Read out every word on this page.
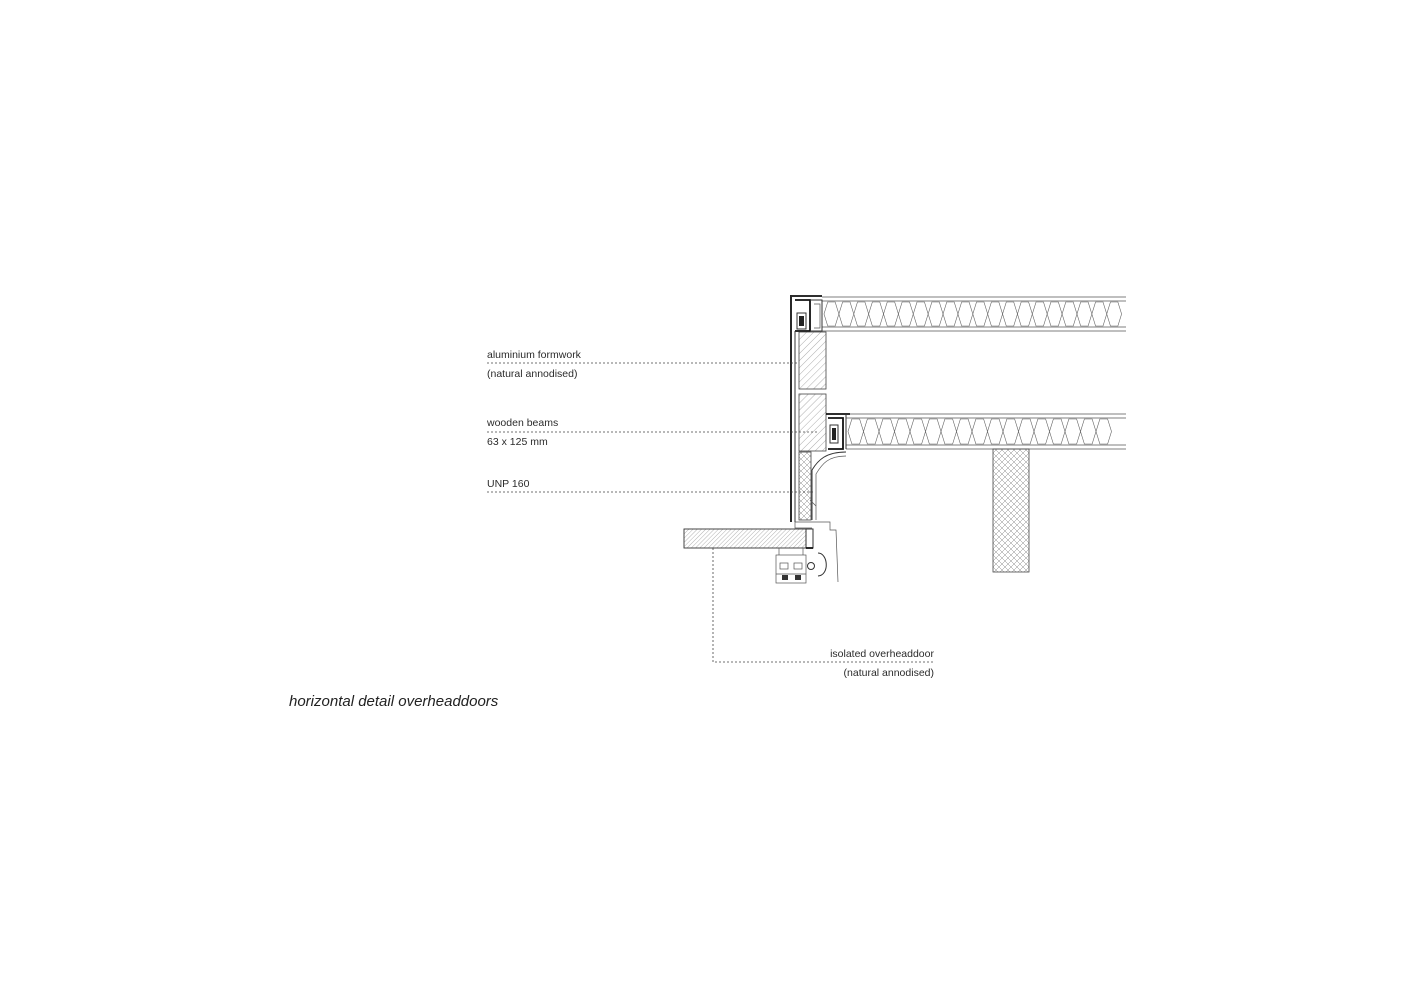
aluminium formwork
(natural annodised)
wooden beams
63 x 125 mm
UNP 160
isolated overheaddoor
(natural annodised)
horizontal detail overheaddoors
